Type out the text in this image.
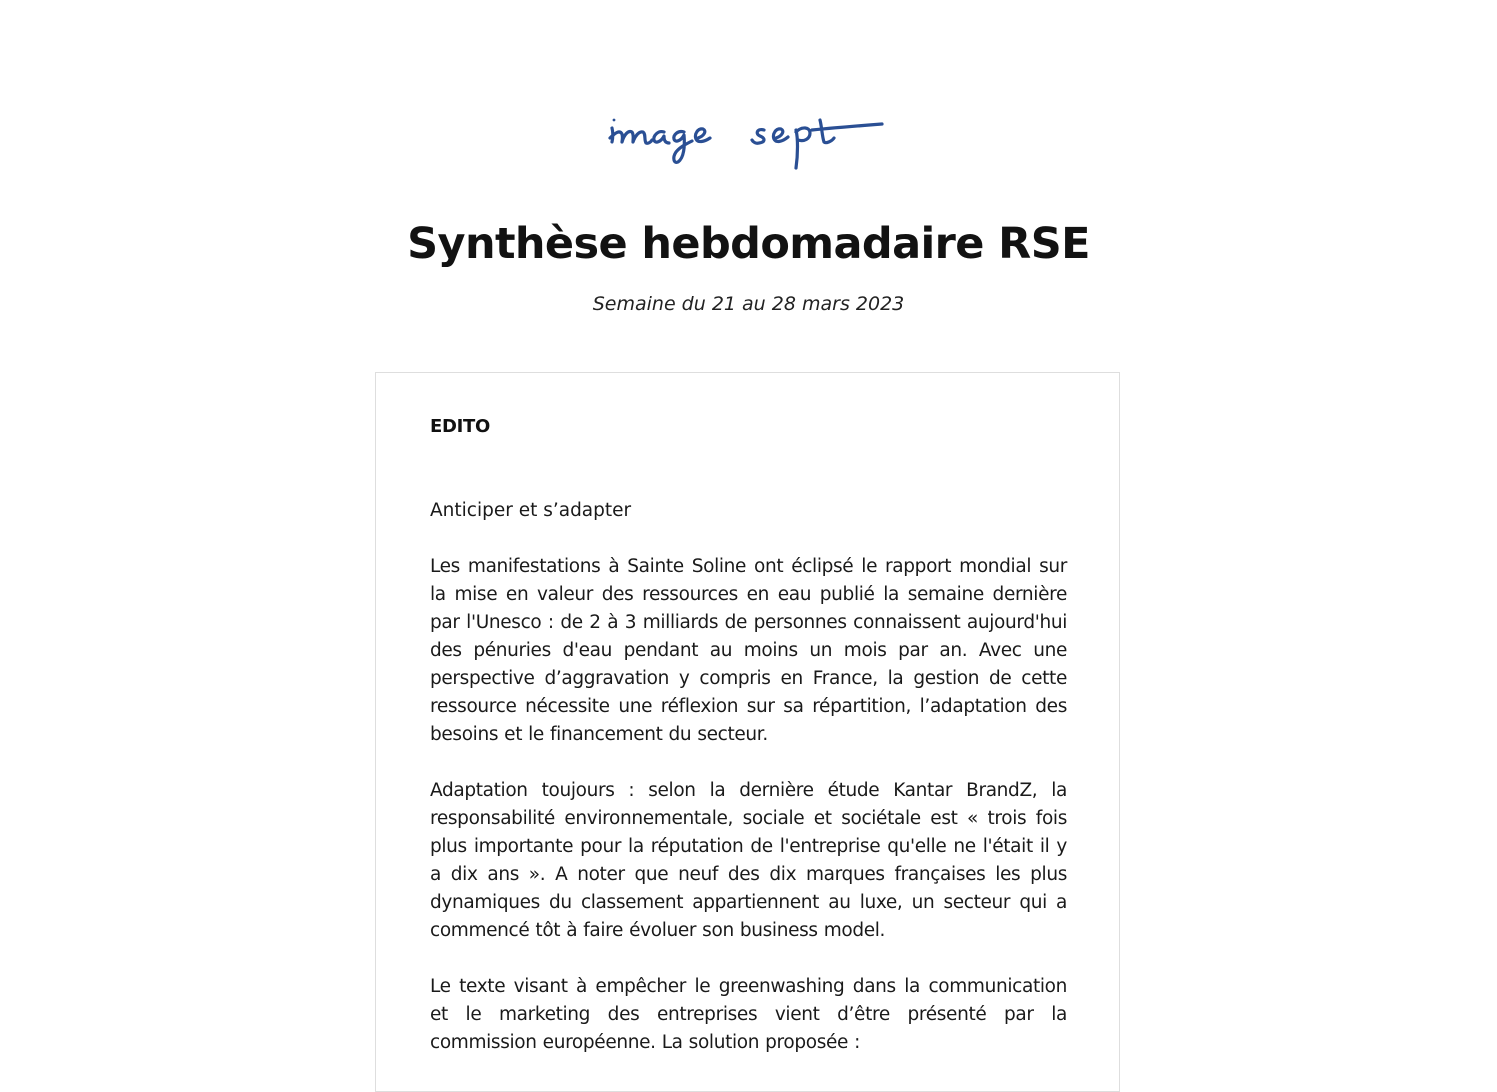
Synthèse hebdomadaire RSE
Semaine du 21 au 28 mars 2023
EDITO
Anticiper et s’adapter
Les manifestations à Sainte Soline ont éclipsé le rapport mondial sur la mise en valeur des ressources en eau publié la semaine dernière par l'Unesco : de 2 à 3 milliards de personnes connaissent aujourd'hui des pénuries d'eau pendant au moins un mois par an. Avec une perspective d’aggravation y compris en France, la gestion de cette ressource nécessite une réflexion sur sa répartition, l’adaptation des besoins et le financement du secteur.
Adaptation toujours : selon la dernière étude Kantar BrandZ, la responsabilité environnementale, sociale et sociétale est « trois fois plus importante pour la réputation de l'entreprise qu'elle ne l'était il y a dix ans ». A noter que neuf des dix marques françaises les plus dynamiques du classement appartiennent au luxe, un secteur qui a commencé tôt à faire évoluer son business model.
Le texte visant à empêcher le greenwashing dans la communication et le marketing des entreprises vient d’être présenté par la commission européenne. La solution proposée :
